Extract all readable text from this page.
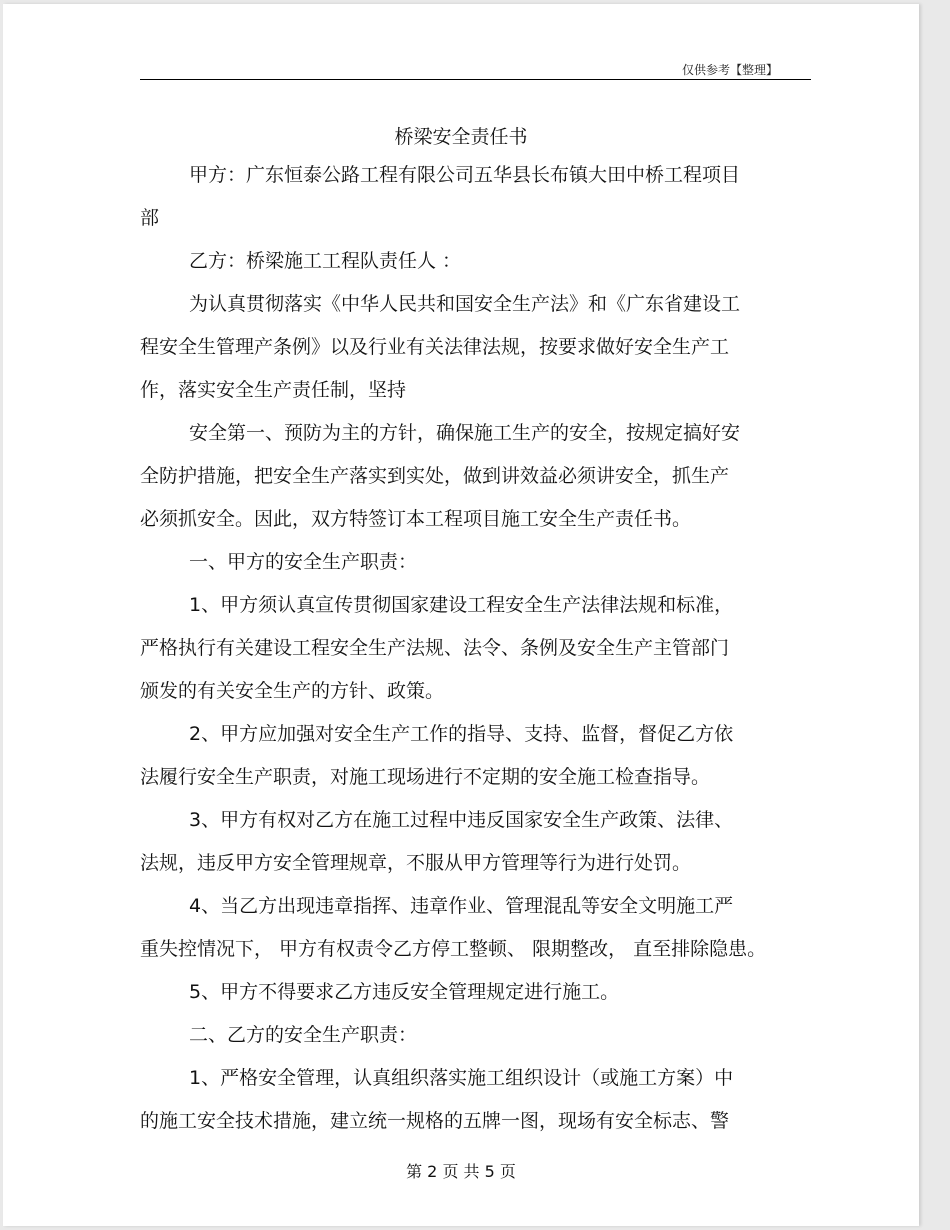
仅供参考【整理】
桥梁安全责任书
甲方：广东恒泰公路工程有限公司五华县长布镇大田中桥工程项目
部
乙方：桥梁施工工程队责任人 ：
为认真贯彻落实《中华人民共和国安全生产法》和《广东省建设工
程安全生管理产条例》以及行业有关法律法规，按要求做好安全生产工
作，落实安全生产责任制，坚持
安全第一、预防为主的方针，确保施工生产的安全，按规定搞好安
全防护措施，把安全生产落实到实处，做到讲效益必须讲安全，抓生产
必须抓安全。因此，双方特签订本工程项目施工安全生产责任书。
一、甲方的安全生产职责：
1、甲方须认真宣传贯彻国家建设工程安全生产法律法规和标准，
严格执行有关建设工程安全生产法规、法令、条例及安全生产主管部门
颁发的有关安全生产的方针、政策。
2、甲方应加强对安全生产工作的指导、支持、监督，督促乙方依
法履行安全生产职责，对施工现场进行不定期的安全施工检查指导。
3、甲方有权对乙方在施工过程中违反国家安全生产政策、法律、
法规，违反甲方安全管理规章，不服从甲方管理等行为进行处罚。
4、当乙方出现违章指挥、违章作业、管理混乱等安全文明施工严
重失控情况下， 甲方有权责令乙方停工整顿、 限期整改， 直至排除隐患。
5、甲方不得要求乙方违反安全管理规定进行施工。
二、乙方的安全生产职责：
1、严格安全管理，认真组织落实施工组织设计（或施工方案）中
的施工安全技术措施，建立统一规格的五牌一图，现场有安全标志、警
第 2 页 共 5 页
